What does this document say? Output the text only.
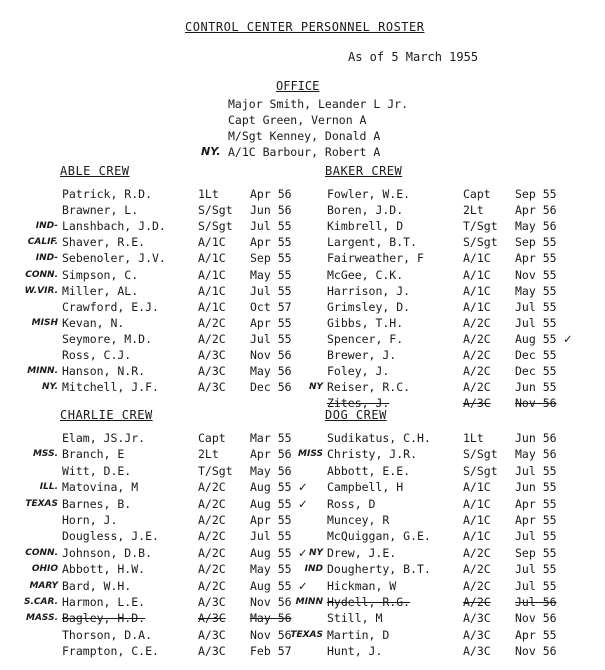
CONTROL CENTER PERSONNEL ROSTER
As of 5 March 1955
OFFICE
Major Smith, Leander L Jr.
Capt Green, Vernon A
M/Sgt Kenney, Donald A
A/1C Barbour, Robert A
NY.
ABLE CREW
Patrick, R.D.	1Lt	Apr 56
Brawner, L.	S/Sgt Jun 56
Lanshbach, J.D.	S/Sgt Jul 55
IND-
Shaver, R.E.	A/1C Apr 55
CALIF.
Sebenoler, J.V.	A/1C Sep 55
IND-
Simpson, C.	A/1C May 55
CONN.
Miller, AL.	A/1C Jul 55
W.VIR.
Crawford, E.J.	A/1C Oct 57
Kevan, N.	A/2C Apr 55
MISH
Seymore, M.D.	A/2C Jul 55
Ross, C.J.	A/3C Nov 56
Hanson, N.R.	A/3C May 56
MINN.
Mitchell, J.F.	A/3C Dec 56
NY.
BAKER CREW
Fowler, W.E.	Capt Sep 55
Boren, J.D.	2Lt	Apr 56
Kimbrell, D	T/Sgt May 56
Largent, B.T.	S/Sgt Sep 55
Fairweather, F	A/1C Apr 55
McGee, C.K.	A/1C Nov 55
Harrison, J.	A/1C May 55
Grimsley, D.	A/1C Jul 55
Gibbs, T.H.	A/2C Jul 55
Spencer, F.	A/2C Aug 55 ✓
Brewer, J.	A/2C Dec 55
Foley, J.	A/2C Dec 55
Reiser, R.C.	A/2C Jun 55
NY
Zites, J.	A/3C Nov 56
CHARLIE CREW
Elam, JS.Jr.	Capt Mar 55
Branch, E	2Lt	Apr 56
MSS.
Witt, D.E.	T/Sgt May 56
Matovina, M	A/2C Aug 55 ✓
ILL.
Barnes, B.	A/2C Aug 55 ✓
TEXAS
Horn, J.	A/2C Apr 55
Dougless, J.E.	A/2C Jul 55
Johnson, D.B.	A/2C Aug 55 ✓
CONN.
Abbott, H.W.	A/2C May 55
OHIO
Bard, W.H.	A/2C Aug 55 ✓
MARY
Harmon, L.E.	A/3C Nov 56
S.CAR.
Bagley, H.D.	A/3C May 56
MASS.
Thorson, D.A.	A/3C Nov 56
Frampton, C.E.	A/3C Feb 57
DOG CREW
Sudikatus, C.H.	1Lt	Jun 56
Christy, J.R.	S/Sgt May 56
MISS
Abbott, E.E.	S/Sgt Jul 55
Campbell, H	A/1C Jun 55
Ross, D	A/1C Apr 55
Muncey, R	A/1C Apr 55
McQuiggan, G.E.	A/1C Jul 55
Drew, J.E.	A/2C Sep 55
NY
Dougherty, B.T.	A/2C Jul 55
IND
Hickman, W	A/2C Jul 55
Hydell, R.G.	A/2C Jul 56
MINN
Still, M	A/3C Nov 56
Martin, D	A/3C Apr 55
TEXAS
Hunt, J.	A/3C Nov 56
